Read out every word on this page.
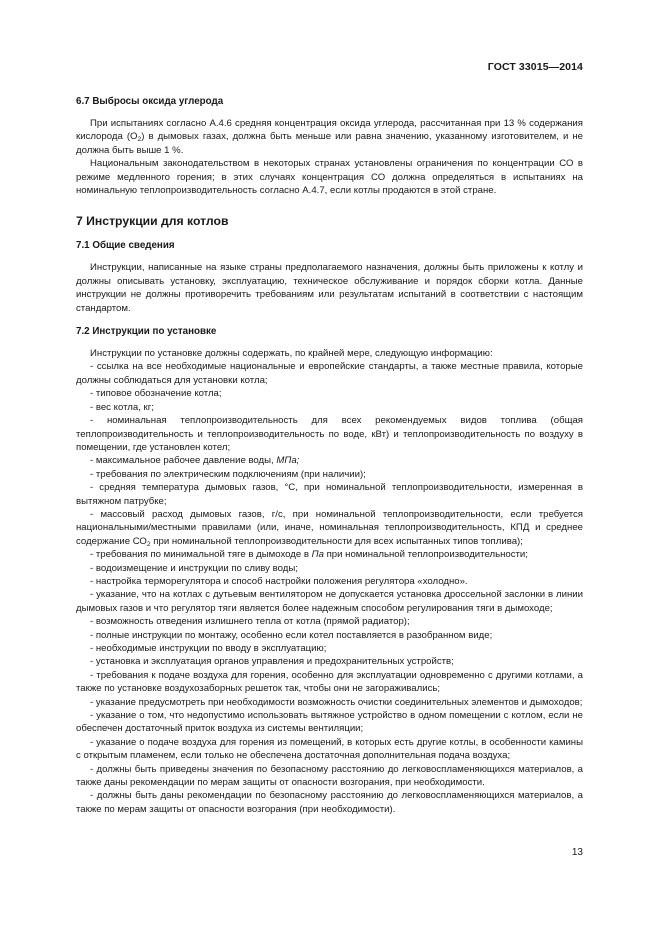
ГОСТ 33015—2014
6.7 Выбросы оксида углерода

При испытаниях согласно А.4.6 средняя концентрация оксида углерода, рассчитанная при 13 % содержания кислорода $(O_2)$ в дымовых газах, должна быть меньше или равна значению, указанному изготовителем, и не должна быть выше 1 %.

Национальным законодательством в некоторых странах установлены ограничения по концентрации СО в режиме медленного горения; в этих случаях концентрация СО должна определяться в испытаниях на номинальную теплопроизводительность согласно А.4.7, если котлы продаются в этой стране.

7 Инструкции для котлов
7.1 Общие сведения

Инструкции, написанные на языке страны предполагаемого назначения, должны быть приложены к котлу и должны описывать установку, эксплуатацию, техническое обслуживание и порядок сборки котла. Данные инструкции не должны противоречить требованиям или результатам испытаний в соответствии с настоящим стандартом.

7.2 Инструкции по установке

Инструкции по установке должны содержать, по крайней мере, следующую информацию:

- ссылка на все необходимые национальные и европейские стандарты, а также местные правила, которые должны соблюдаться для установки котла;

- типовое обозначение котла;

- вес котла, кг;

- номинальная теплопроизводительность для всех рекомендуемых видов топлива (общая теплопроизводительность и теплопроизводительность по воде, кВт) и теплопроизводительность по воздуху в помещении, где установлен котел;

- максимальное рабочее давление воды, МПа;

- требования по электрическим подключениям (при наличии);

- средняя температура дымовых газов, °С, при номинальной теплопроизводительности, измеренная в вытяжном патрубке;

- массовый расход дымовых газов, г/с, при номинальной теплопроизводительности, если требуется национальными/местными правилами (или, иначе, номинальная теплопроизводительность, КПД и среднее содержание $СО_2$ при номинальной теплопроизводительности для всех испытанных типов топлива);

- требования по минимальной тяге в дымоходе в Па при номинальной теплопроизводительности;

- водоизмещение и инструкции по сливу воды;

- настройка терморегулятора и способ настройки положения регулятора «холодно».

- указание, что на котлах с дутьевым вентилятором не допускается установка дроссельной заслонки в линии дымовых газов и что регулятор тяги является более надежным способом регулирования тяги в дымоходе;

- возможность отведения излишнего тепла от котла (прямой радиатор);

- полные инструкции по монтажу, особенно если котел поставляется в разобранном виде;

- необходимые инструкции по вводу в эксплуатацию;

- установка и эксплуатация органов управления и предохранительных устройств;

- требования к подаче воздуха для горения, особенно для эксплуатации одновременно с другими котлами, а также по установке воздухозаборных решеток так, чтобы они не загораживались;

- указание предусмотреть при необходимости возможность очистки соединительных элементов и дымоходов;

- указание о том, что недопустимо использовать вытяжное устройство в одном помещении с котлом, если не обеспечен достаточный приток воздуха из системы вентиляции;

- указание о подаче воздуха для горения из помещений, в которых есть другие котлы, в особенности камины с открытым пламенем, если только не обеспечена достаточная дополнительная подача воздуха;

- должны быть приведены значения по безопасному расстоянию до легковоспламеняющихся материалов, а также даны рекомендации по мерам защиты от опасности возгорания, при необходимости.

- должны быть даны рекомендации по безопасному расстоянию до легковоспламеняющихся материалов, а также по мерам защиты от опасности возгорания (при необходимости).

13
